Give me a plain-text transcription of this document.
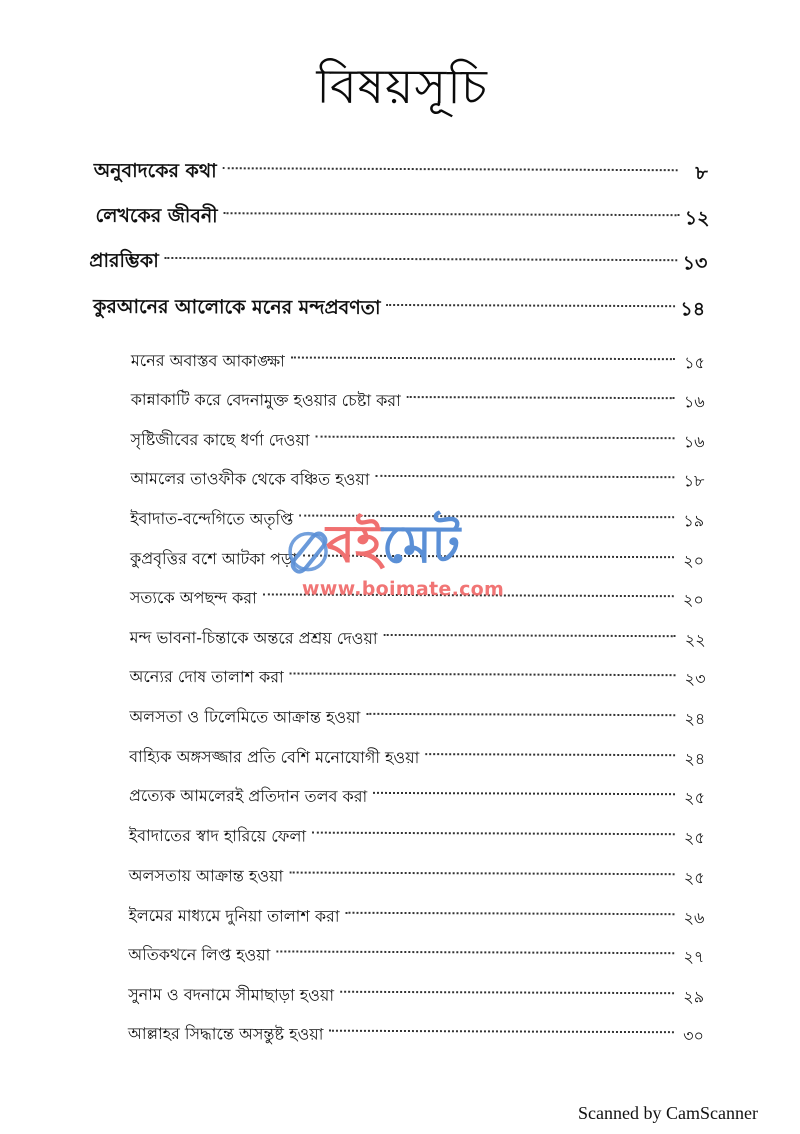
বিষয়সূচি
অনুবাদকের কথা	৮
লেখকের জীবনী	১২
প্রারম্ভিকা	১৩
কুরআনের আলোকে মনের মন্দপ্রবণতা	১৪
মনের অবাস্তব আকাঙ্ক্ষা	১৫
কান্নাকাটি করে বেদনামুক্ত হওয়ার চেষ্টা করা	১৬
সৃষ্টিজীবের কাছে ধর্ণা দেওয়া	১৬
আমলের তাওফীক থেকে বঞ্চিত হওয়া	১৮
ইবাদাত-বন্দেগিতে অতৃপ্তি	১৯
কুপ্রবৃত্তির বশে আটকা পড়া	২০
সত্যকে অপছন্দ করা	২০
মন্দ ভাবনা-চিন্তাকে অন্তরে প্রশ্রয় দেওয়া	২২
অন্যের দোষ তালাশ করা	২৩
অলসতা ও ঢিলেমিতে আক্রান্ত হওয়া	২৪
বাহ্যিক অঙ্গসজ্জার প্রতি বেশি মনোযোগী হওয়া	২৪
প্রত্যেক আমলেরই প্রতিদান তলব করা	২৫
ইবাদাতের স্বাদ হারিয়ে ফেলা	২৫
অলসতায় আক্রান্ত হওয়া	২৫
ইলমের মাধ্যমে দুনিয়া তালাশ করা	২৬
অতিকথনে লিপ্ত হওয়া	২৭
সুনাম ও বদনামে সীমাছাড়া হওয়া	২৯
আল্লাহর সিদ্ধান্তে অসন্তুষ্ট হওয়া	৩০
বইমেট
www.boimate.com
Scanned by CamScanner
